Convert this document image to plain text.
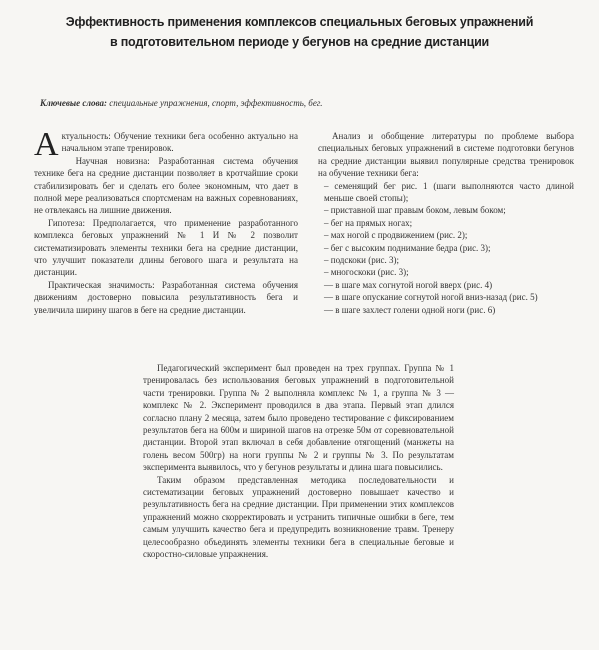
Эффективность применения комплексов специальных беговых упражнений
в подготовительном периоде у бегунов на средние дистанции
Ключевые слова: специальные упражнения, спорт, эффективность, бег.

Актуальность: Обучение техники бега особенно актуально на начальном этапе тренировок.

Научная новизна: Разработанная система обучения технике бега на средние дистанции позволяет в кротчайшие сроки стабилизировать бег и сделать его более экономным, что дает в полной мере реализоваться спортсменам на важных соревнованиях, не отвлекаясь на лишние движения.

Гипотеза: Предполагается, что применение разработанного комплекса беговых упражнений № 1 И № 2 позволит систематизировать элементы техники бега на средние дистанции, что улучшит показатели длины бегового шага и результата на дистанции.

Практическая значимость: Разработанная система обучения движениям достоверно повысила результативность бега и увеличила ширину шагов в беге на средние дистанции.

Анализ и обобщение литературы по проблеме выбора специальных беговых упражнений в системе подготовки бегунов на средние дистанции выявил популярные средства тренировок на обучение техники бега:

– семенящий бег рис. 1 (шаги выполняются часто длиной меньше своей стопы);
– приставной шаг правым боком, левым боком;
– бег на прямых ногах;
– мах ногой с продвижением (рис. 2);
– бег с высоким поднимание бедра (рис. 3);
– подскоки (рис. 3);
– многоскоки (рис. 3);
— в шаге мах согнутой ногой вверх (рис. 4)
— в шаге опускание согнутой ногой вниз-назад (рис. 5)
— в шаге захлест голени одной ноги (рис. 6)

Педагогический эксперимент был проведен на трех группах. Группа № 1 тренировалась без использования беговых упражнений в подготовительной части тренировки. Группа № 2 выполняла комплекс № 1, а группа № 3 — комплекс № 2. Эксперимент проводился в два этапа. Первый этап длился согласно плану 2 месяца, затем было проведено тестирование с фиксированием результатов бега на 600м и шириной шагов на отрезке 50м от соревновательной дистанции. Второй этап включал в себя добавление отягощений (манжеты на голень весом 500гр) на ноги группы № 2 и группы № 3. По результатам эксперимента выявилось, что у бегунов результаты и длина шага повысились.

Таким образом представленная методика последовательности и систематизации беговых упражнений достоверно повышает качество и результативность бега на средние дистанции. При применении этих комплексов упражнений можно скорректировать и устранить типичные ошибки в беге, тем самым улучшить качество бега и предупредить возникновение травм. Тренеру целесообразно объединять элементы техники бега в специальные беговые и скоростно-силовые упражнения.
